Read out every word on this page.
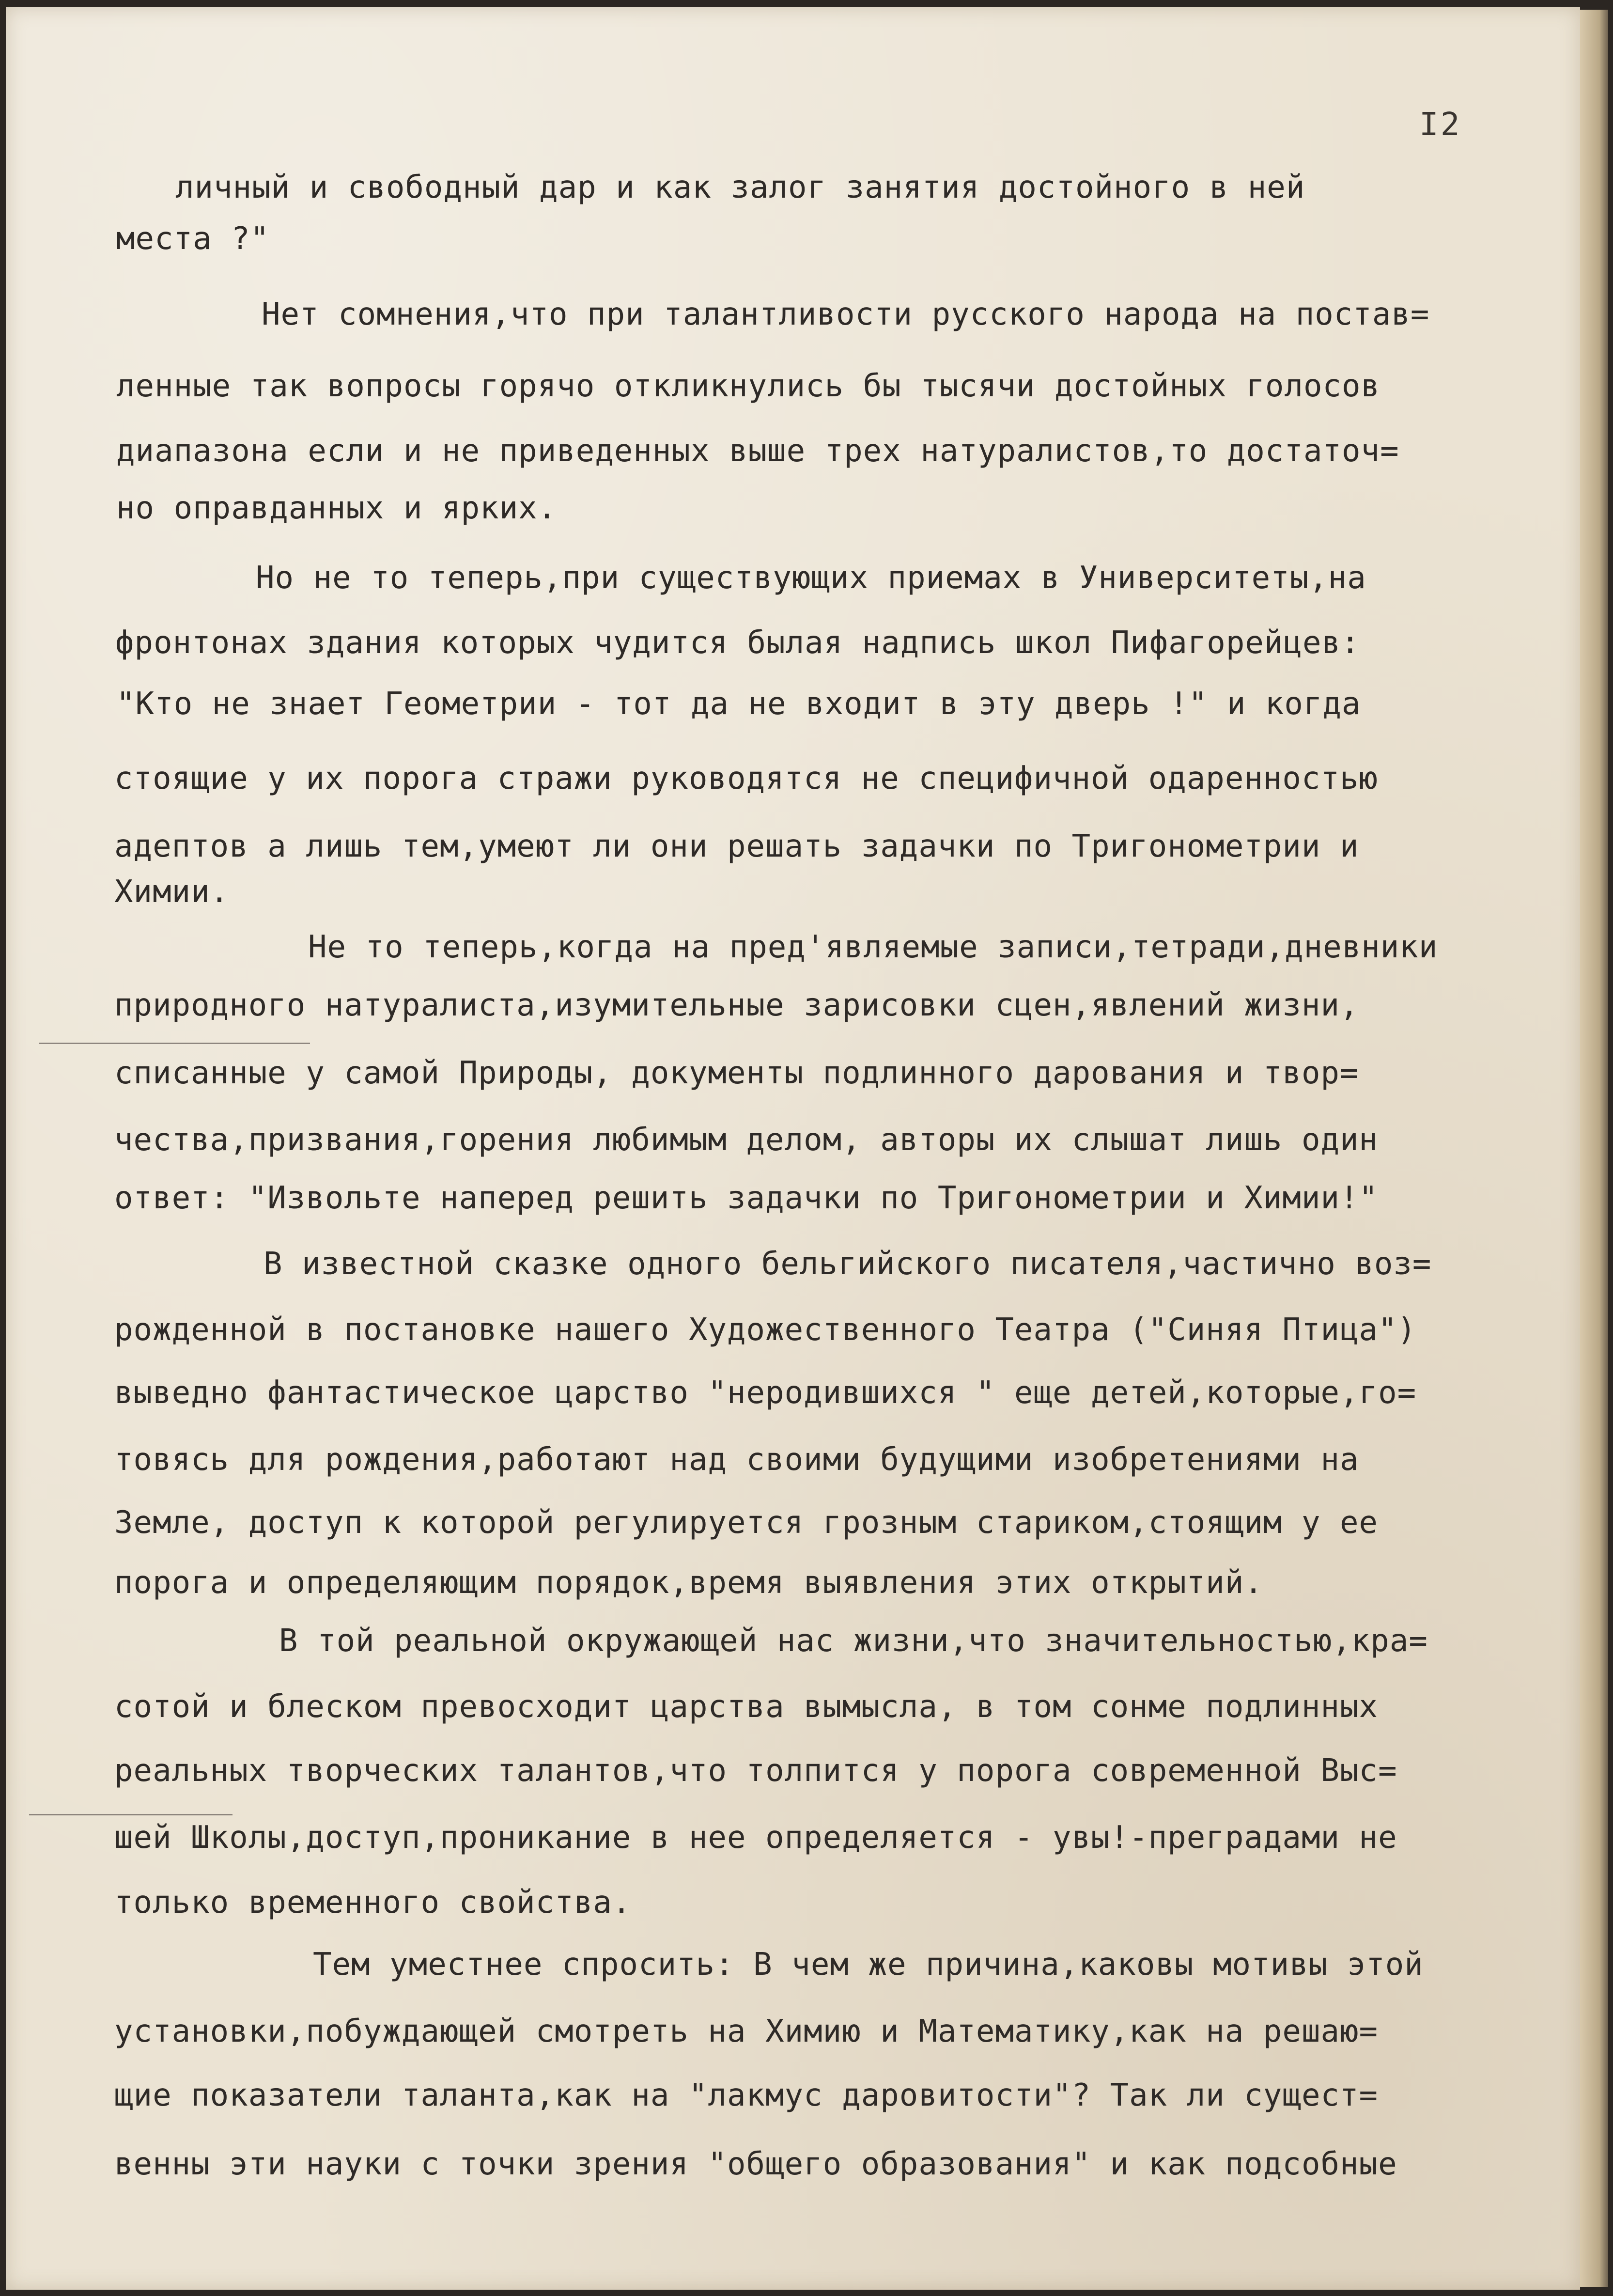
I2
личный и свободный дар и как залог занятия достойного в ней
места ?"
Нет сомнения,что при талантливости русского народа на постав=
ленные так вопросы горячо откликнулись бы тысячи достойных голосов
диапазона если и не приведенных выше трех натуралистов,то достаточ=
но оправданных и ярких.
Но не то теперь,при существующих приемах в Университеты,на
фронтонах здания которых чудится былая надпись школ Пифагорейцев:
"Кто не знает Геометрии - тот да не входит в эту дверь !" и когда
стоящие у их порога стражи руководятся не специфичной одаренностью
адептов а лишь тем,умеют ли они решать задачки по Тригонометрии и
Химии.
Не то теперь,когда на пред'являемые записи,тетради,дневники
природного натуралиста,изумительные зарисовки сцен,явлений жизни,
списанные у самой Природы, документы подлинного дарования и твор=
чества,призвания,горения любимым делом, авторы их слышат лишь один
ответ: "Извольте наперед решить задачки по Тригонометрии и Химии!"
В известной сказке одного бельгийского писателя,частично воз=
рожденной в постановке нашего Художественного Театра ("Синяя Птица")
выведно фантастическое царство "неродившихся " еще детей,которые,го=
товясь для рождения,работают над своими будущими изобретениями на
Земле, доступ к которой регулируется грозным стариком,стоящим у ее
порога и определяющим порядок,время выявления этих открытий.
В той реальной окружающей нас жизни,что значительностью,кра=
сотой и блеском превосходит царства вымысла, в том сонме подлинных
реальных творческих талантов,что толпится у порога современной Выс=
шей Школы,доступ,проникание в нее определяется - увы!-преградами не
только временного свойства.
Тем уместнее спросить: В чем же причина,каковы мотивы этой
установки,побуждающей смотреть на Химию и Математику,как на решаю=
щие показатели таланта,как на "лакмус даровитости"? Так ли сущест=
венны эти науки с точки зрения "общего образования" и как подсобные
